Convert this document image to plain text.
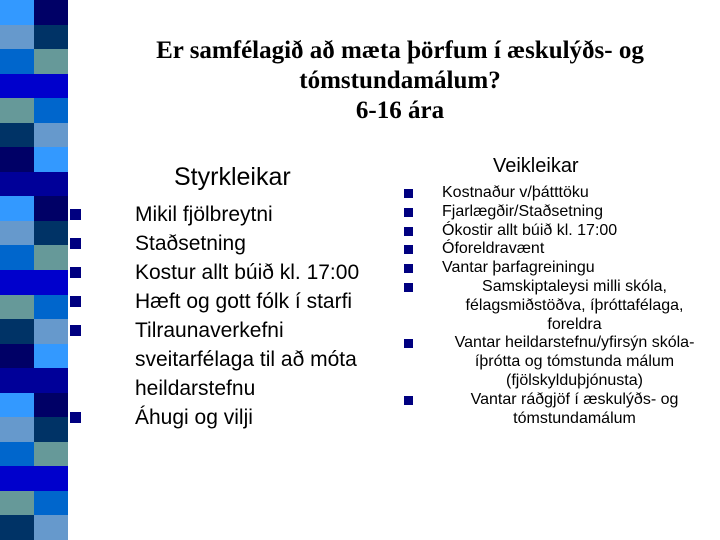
Er samfélagið að mæta þörfum í æskulýðs- og
tómstundamálum?
6-16 ára
Styrkleikar	Veikleikar
Mikil fjölbreytni
Staðsetning
Kostur allt búið kl. 17:00
Hæft og gott fólk í starfi
Tilraunaverkefni sveitarfélaga til að móta heildarstefnu
Áhugi og vilji
Kostnaður v/þátttöku
Fjarlægðir/Staðsetning
Ókostir allt búið kl. 17:00
Óforeldravænt
Vantar þarfagreiningu
Samskiptaleysi milli skóla, félagsmiðstöðva, íþróttafélaga, foreldra
Vantar heildarstefnu/yfirsýn skóla- íþrótta og tómstunda málum (fjölskylduþjónusta)
Vantar ráðgjöf í æskulýðs- og tómstundamálum
